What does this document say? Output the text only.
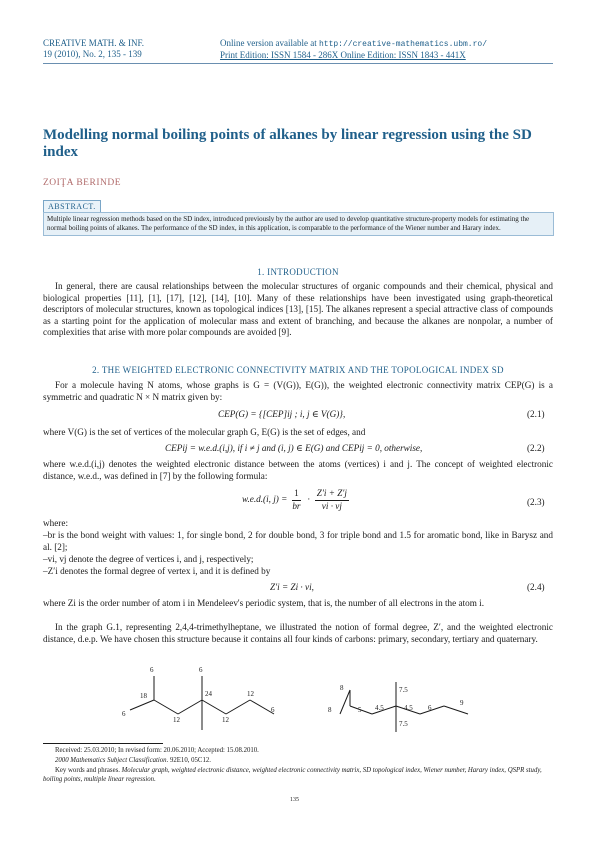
CREATIVE MATH. & INF.
19 (2010), No. 2, 135 - 139
Online version available at http://creative-mathematics.ubm.ro/
Print Edition: ISSN 1584 - 286X Online Edition: ISSN 1843 - 441X
Modelling normal boiling points of alkanes by linear regression using the SD index
ZOIŢA BERINDE
ABSTRACT.
Multiple linear regression methods based on the SD index, introduced previously by the author are used to develop quantitative structure-property models for estimating the normal boiling points of alkanes. The performance of the SD index, in this application, is comparable to the performance of the Wiener number and Harary index.
1. INTRODUCTION
In general, there are causal relationships between the molecular structures of organic compounds and their chemical, physical and biological properties [11], [1], [17], [12], [14], [10]. Many of these relationships have been investigated using graph-theoretical descriptors of molecular structures, known as topological indices [13], [15]. The alkanes represent a special attractive class of compounds as a starting point for the application of molecular mass and extent of branching, and because the alkanes are nonpolar, a number of complexities that arise with more polar compounds are avoided [9].
2. THE WEIGHTED ELECTRONIC CONNECTIVITY MATRIX AND THE TOPOLOGICAL INDEX SD
For a molecule having N atoms, whose graphs is G = (V(G)), E(G)), the weighted electronic connectivity matrix CEP(G) is a symmetric and quadratic N × N matrix given by:
CEP(G) = {[CEP]ij ; i, j ∈ V(G)},	(2.1)
where V(G) is the set of vertices of the molecular graph G, E(G) is the set of edges, and
CEPij = w.e.d.(i,j), if i ≠ j and (i, j) ∈ E(G) and CEPij = 0, otherwise,	(2.2)
where w.e.d.(i,j) denotes the weighted electronic distance between the atoms (vertices) i and j. The concept of weighted electronic distance, w.e.d., was defined in [7] by the following formula:
w.e.d.(i, $j) = \frac{1}{br}$ ·
Z′i + Z′j
vi · vj	(2.3)
where:
–br is the bond weight with values: 1, for single bond, 2 for double bond, 3 for triple bond and 1.5 for aromatic bond, like in Barysz and al. [2];
–vi, vj denote the degree of vertices i, and j, respectively;
–Z′i denotes the formal degree of vertex i, and it is defined by
Z′i = Zi · vi,	(2.4)
where Zi is the order number of atom i in Mendeleev's periodic system, that is, the number of all electrons in the atom i.
In the graph G.1, representing 2,4,4-trimethylheptane, we illustrated the notion of formal degree, Z′, and the weighted electronic distance, d.e.p. We have chosen this structure because it contains all four kinds of carbons: primary, secondary, tertiary and quaternary.
6	6
18	24	12
6
12	12
6
8
8	5 4.5
7.5
4.5 6
9
7.5
Received: 25.03.2010; In revised form: 20.06.2010; Accepted: 15.08.2010.
2000 Mathematics Subject Classification. 92E10, 05C12.
Key words and phrases. Molecular graph, weighted electronic distance, weighted electronic connectivity matrix, SD topological index, Wiener number, Harary index, QSPR study, boiling points, multiple linear regression.
135
